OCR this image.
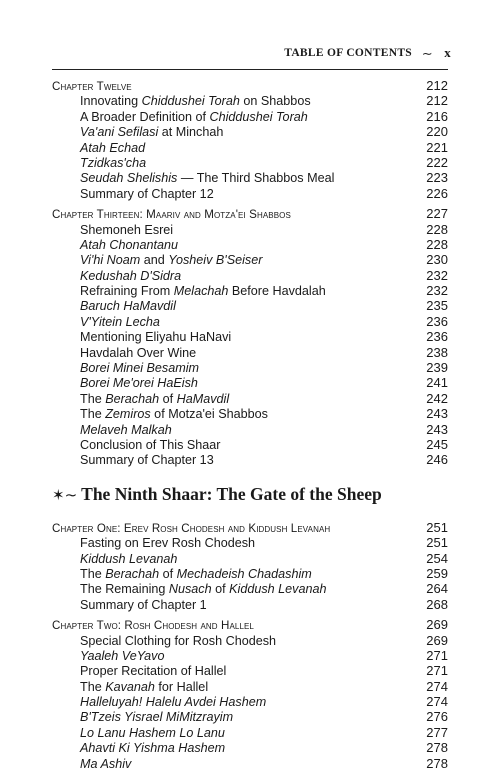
TABLE OF CONTENTS ∼ x
Chapter Twelve	212
Innovating Chiddushei Torah on Shabbos	212
A Broader Definition of Chiddushei Torah	216
Va'ani Sefilasi at Minchah	220
Atah Echad	221
Tzidkas'cha	222
Seudah Shelishis — The Third Shabbos Meal	223
Summary of Chapter 12	226
Chapter Thirteen: Maariv and Motza'ei Shabbos	227
Shemoneh Esrei	228
Atah Chonantanu	228
Vi'hi Noam and Yosheiv B'Seiser	230
Kedushah D'Sidra	232
Refraining From Melachah Before Havdalah	232
Baruch HaMavdil	235
V'Yitein Lecha	236
Mentioning Eliyahu HaNavi	236
Havdalah Over Wine	238
Borei Minei Besamim	239
Borei Me'orei HaEish	241
The Berachah of HaMavdil	242
The Zemiros of Motza'ei Shabbos	243
Melaveh Malkah	243
Conclusion of This Shaar	245
Summary of Chapter 13	246
✶∼ The Ninth Shaar: The Gate of the Sheep
Chapter One: Erev Rosh Chodesh and Kiddush Levanah	251
Fasting on Erev Rosh Chodesh	251
Kiddush Levanah	254
The Berachah of Mechadeish Chadashim	259
The Remaining Nusach of Kiddush Levanah	264
Summary of Chapter 1	268
Chapter Two: Rosh Chodesh and Hallel	269
Special Clothing for Rosh Chodesh	269
Yaaleh VeYavo	271
Proper Recitation of Hallel	271
The Kavanah for Hallel	274
Halleluyah! Halelu Avdei Hashem	274
B'Tzeis Yisrael MiMitzrayim	276
Lo Lanu Hashem Lo Lanu	277
Ahavti Ki Yishma Hashem	278
Ma Ashiv	278
